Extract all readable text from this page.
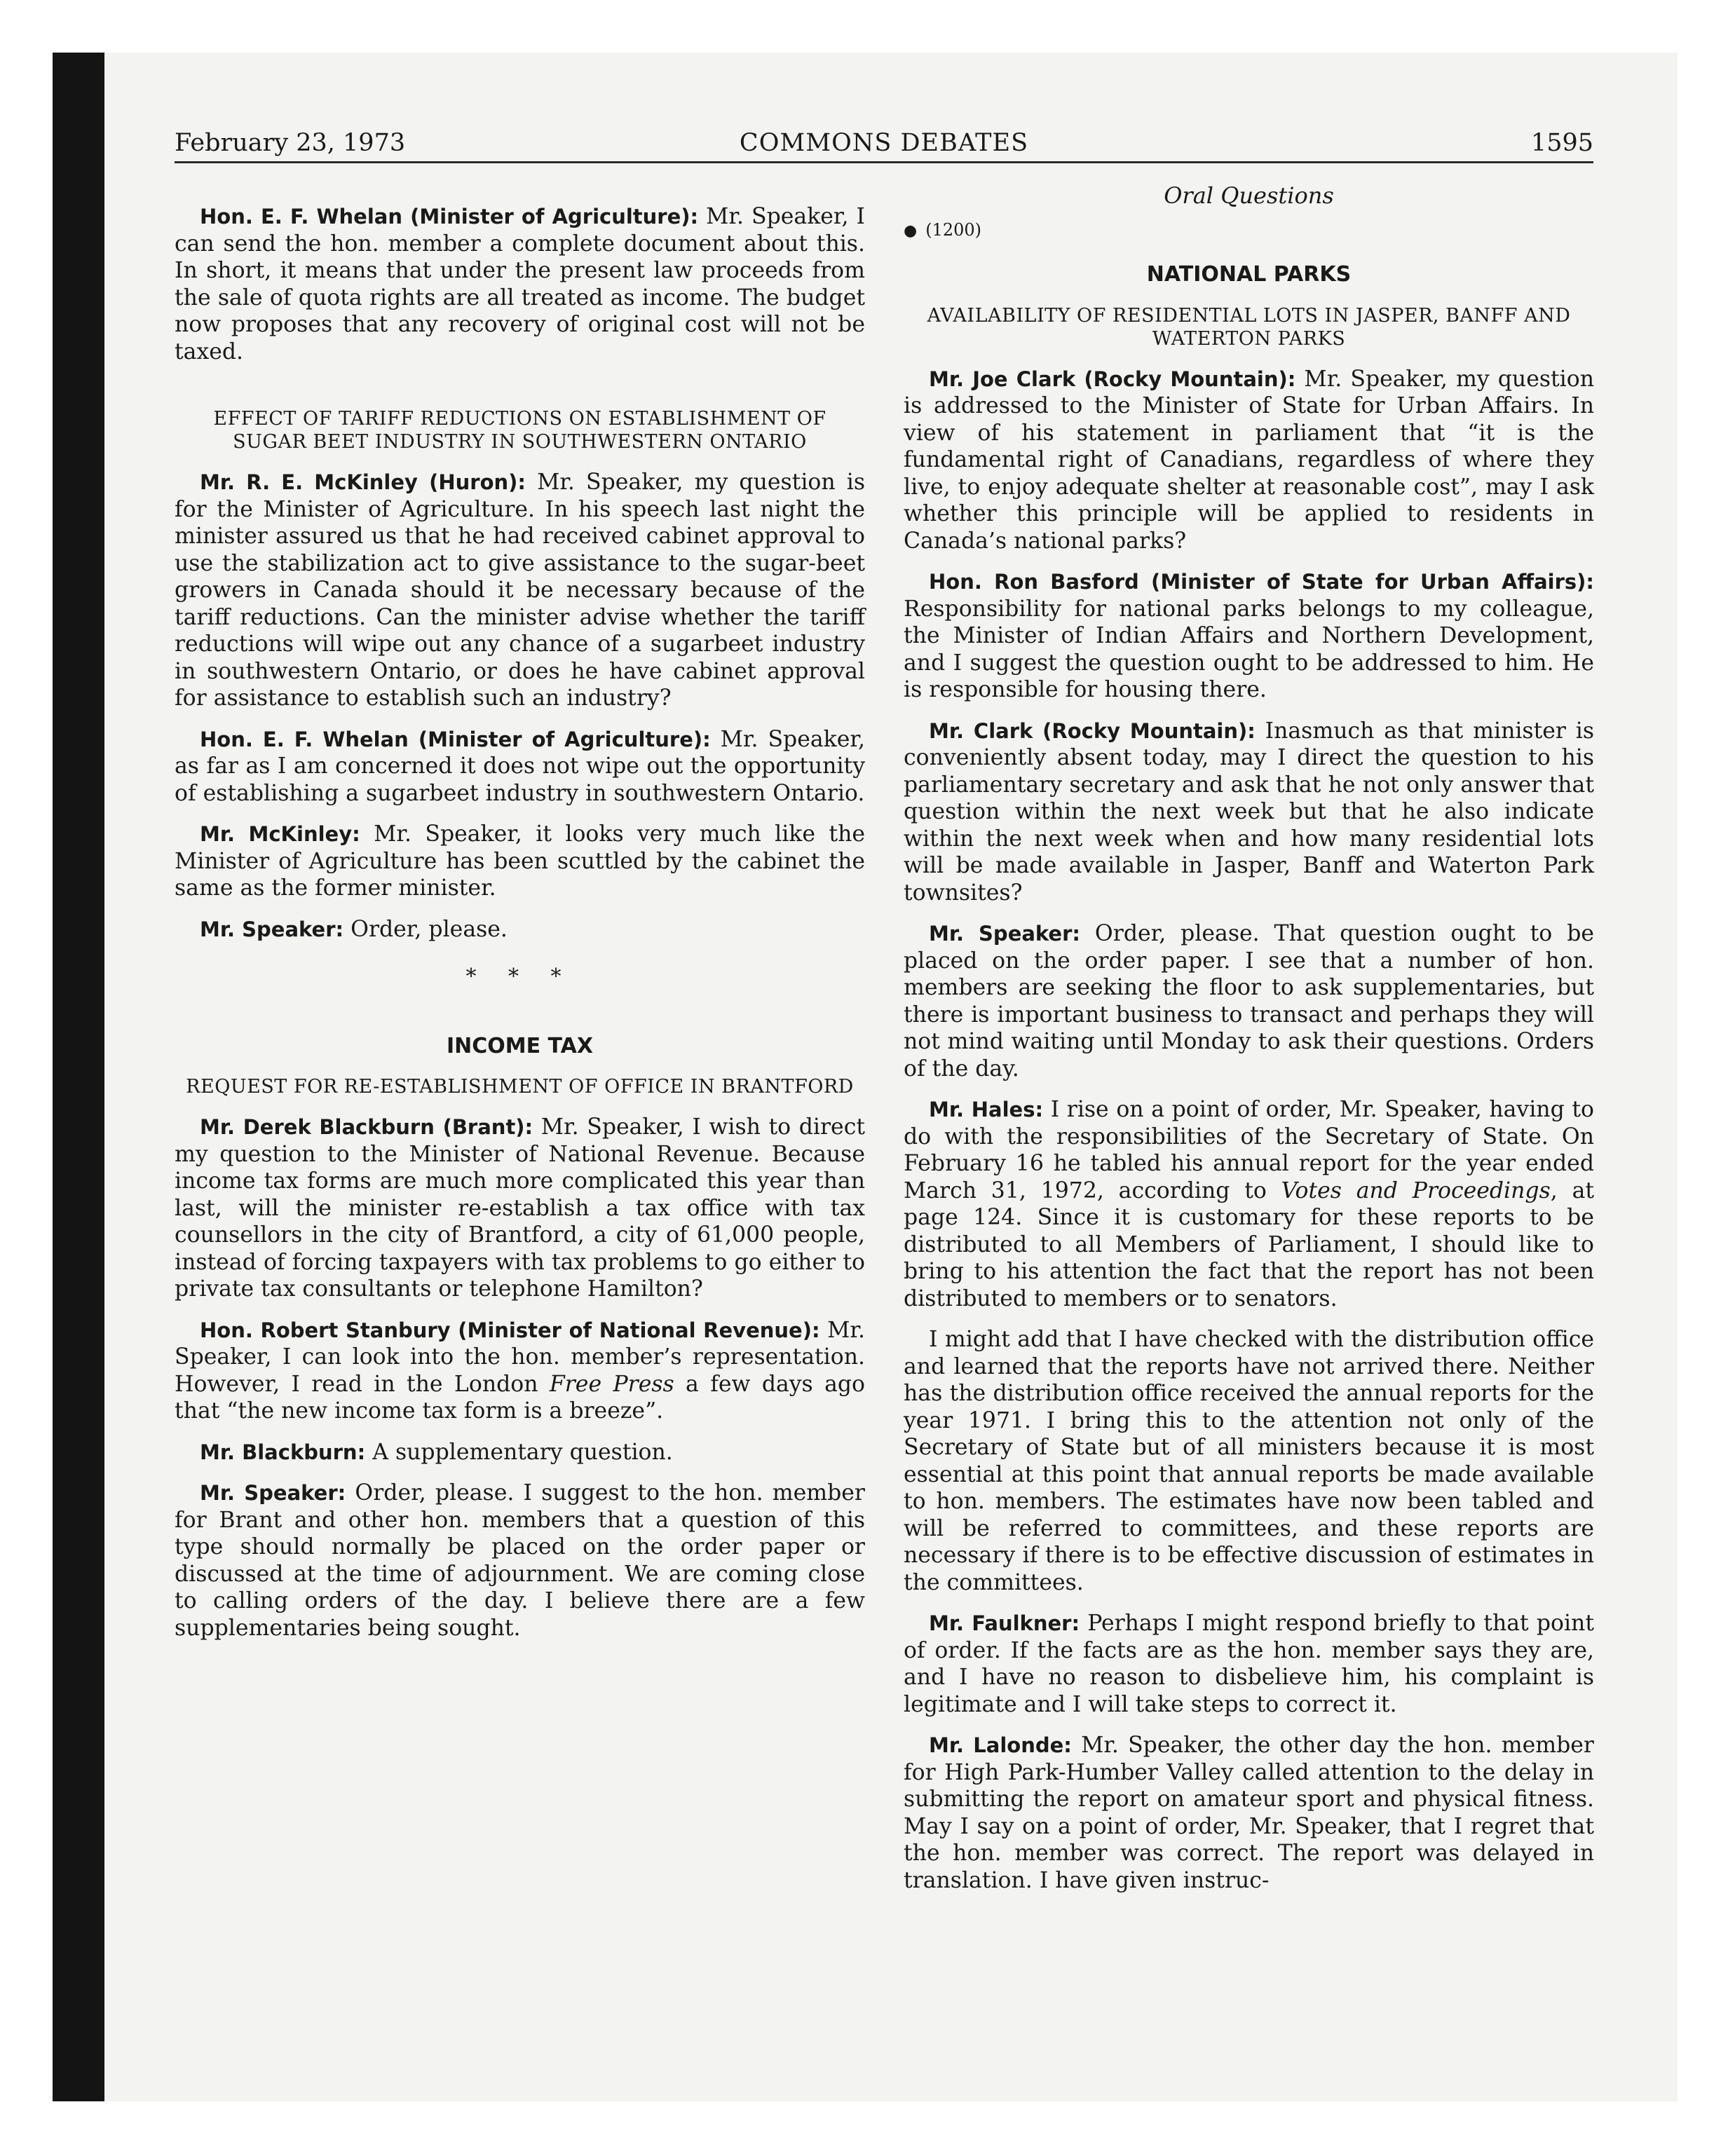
February 23, 1973	COMMONS DEBATES	1595

Hon. E. F. Whelan (Minister of Agriculture): Mr. Speaker, I can send the hon. member a complete document about this. In short, it means that under the present law proceeds from the sale of quota rights are all treated as income. The budget now proposes that any recovery of original cost will not be taxed.

EFFECT OF TARIFF REDUCTIONS ON ESTABLISHMENT OF SUGAR BEET INDUSTRY IN SOUTHWESTERN ONTARIO

Mr. R. E. McKinley (Huron): Mr. Speaker, my question is for the Minister of Agriculture. In his speech last night the minister assured us that he had received cabinet approval to use the stabilization act to give assistance to the sugar-beet growers in Canada should it be necessary because of the tariff reductions. Can the minister advise whether the tariff reductions will wipe out any chance of a sugarbeet industry in southwestern Ontario, or does he have cabinet approval for assistance to establish such an industry?

Hon. E. F. Whelan (Minister of Agriculture): Mr. Speaker, as far as I am concerned it does not wipe out the opportunity of establishing a sugarbeet industry in southwestern Ontario.

Mr. McKinley: Mr. Speaker, it looks very much like the Minister of Agriculture has been scuttled by the cabinet the same as the former minister.

Mr. Speaker: Order, please.

* * *
INCOME TAX
REQUEST FOR RE-ESTABLISHMENT OF OFFICE IN BRANTFORD

Mr. Derek Blackburn (Brant): Mr. Speaker, I wish to direct my question to the Minister of National Revenue. Because income tax forms are much more complicated this year than last, will the minister re-establish a tax office with tax counsellors in the city of Brantford, a city of 61,000 people, instead of forcing taxpayers with tax problems to go either to private tax consultants or telephone Hamilton?

Hon. Robert Stanbury (Minister of National Revenue): Mr. Speaker, I can look into the hon. member’s representation. However, I read in the London Free Press a few days ago that “the new income tax form is a breeze”.

Mr. Blackburn: A supplementary question.

Mr. Speaker: Order, please. I suggest to the hon. member for Brant and other hon. members that a question of this type should normally be placed on the order paper or discussed at the time of adjournment. We are coming close to calling orders of the day. I believe there are a few supplementaries being sought.

Oral Questions
● (1200)
NATIONAL PARKS
AVAILABILITY OF RESIDENTIAL LOTS IN JASPER, BANFF AND WATERTON PARKS

Mr. Joe Clark (Rocky Mountain): Mr. Speaker, my question is addressed to the Minister of State for Urban Affairs. In view of his statement in parliament that “it is the fundamental right of Canadians, regardless of where they live, to enjoy adequate shelter at reasonable cost”, may I ask whether this principle will be applied to residents in Canada’s national parks?

Hon. Ron Basford (Minister of State for Urban Affairs): Responsibility for national parks belongs to my colleague, the Minister of Indian Affairs and Northern Development, and I suggest the question ought to be addressed to him. He is responsible for housing there.

Mr. Clark (Rocky Mountain): Inasmuch as that minister is conveniently absent today, may I direct the question to his parliamentary secretary and ask that he not only answer that question within the next week but that he also indicate within the next week when and how many residential lots will be made available in Jasper, Banff and Waterton Park townsites?

Mr. Speaker: Order, please. That question ought to be placed on the order paper. I see that a number of hon. members are seeking the floor to ask supplementaries, but there is important business to transact and perhaps they will not mind waiting until Monday to ask their questions. Orders of the day.

Mr. Hales: I rise on a point of order, Mr. Speaker, having to do with the responsibilities of the Secretary of State. On February 16 he tabled his annual report for the year ended March 31, 1972, according to Votes and Proceedings, at page 124. Since it is customary for these reports to be distributed to all Members of Parliament, I should like to bring to his attention the fact that the report has not been distributed to members or to senators.

I might add that I have checked with the distribution office and learned that the reports have not arrived there. Neither has the distribution office received the annual reports for the year 1971. I bring this to the attention not only of the Secretary of State but of all ministers because it is most essential at this point that annual reports be made available to hon. members. The estimates have now been tabled and will be referred to committees, and these reports are necessary if there is to be effective discussion of estimates in the committees.

Mr. Faulkner: Perhaps I might respond briefly to that point of order. If the facts are as the hon. member says they are, and I have no reason to disbelieve him, his complaint is legitimate and I will take steps to correct it.

Mr. Lalonde: Mr. Speaker, the other day the hon. member for High Park-Humber Valley called attention to the delay in submitting the report on amateur sport and physical fitness. May I say on a point of order, Mr. Speaker, that I regret that the hon. member was correct. The report was delayed in translation. I have given instruc-
